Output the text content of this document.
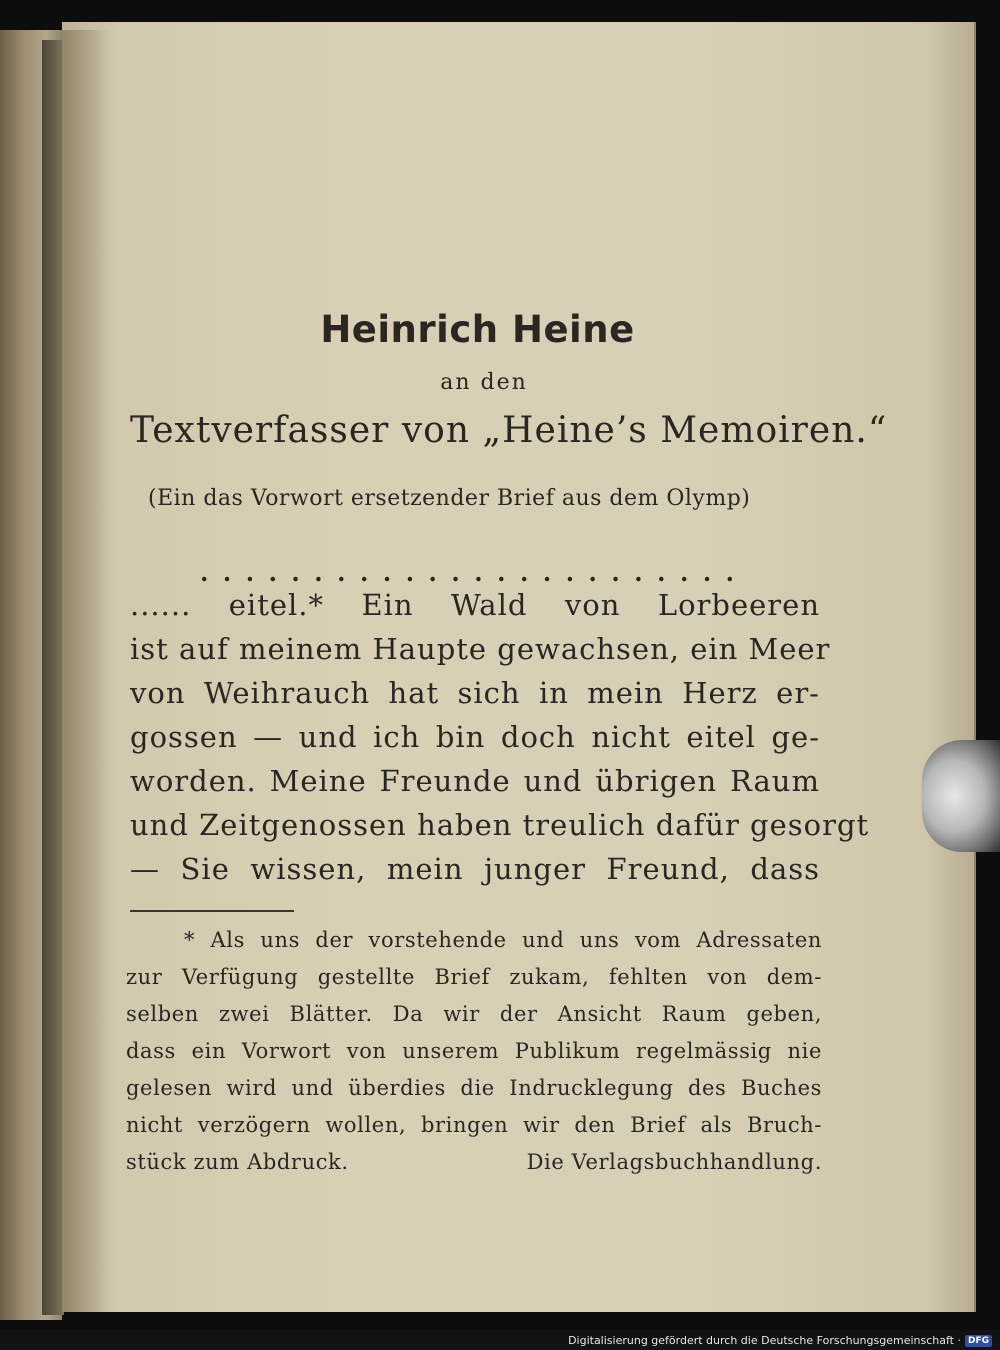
Heinrich Heine
an den
Textverfasser von „Heine’s Memoiren.“
(Ein das Vorwort ersetzender Brief aus dem Olymp)
........................
...... eitel.* Ein Wald von Lorbeeren
ist auf meinem Haupte gewachsen, ein Meer
von Weihrauch hat sich in mein Herz er-
gossen — und ich bin doch nicht eitel ge-
worden. Meine Freunde und übrigen Raum
und Zeitgenossen haben treulich dafür gesorgt
— Sie wissen, mein junger Freund, dass
* Als uns der vorstehende und uns vom Adressaten
zur Verfügung gestellte Brief zukam, fehlten von dem-
selben zwei Blätter. Da wir der Ansicht Raum geben,
dass ein Vorwort von unserem Publikum regelmässig nie
gelesen wird und überdies die Indrucklegung des Buches
nicht verzögern wollen, bringen wir den Brief als Bruch-
stück zum Abdruck.	Die Verlagsbuchhandlung.
Digitalisierung gefördert durch die Deutsche Forschungsgemeinschaft · DFG
